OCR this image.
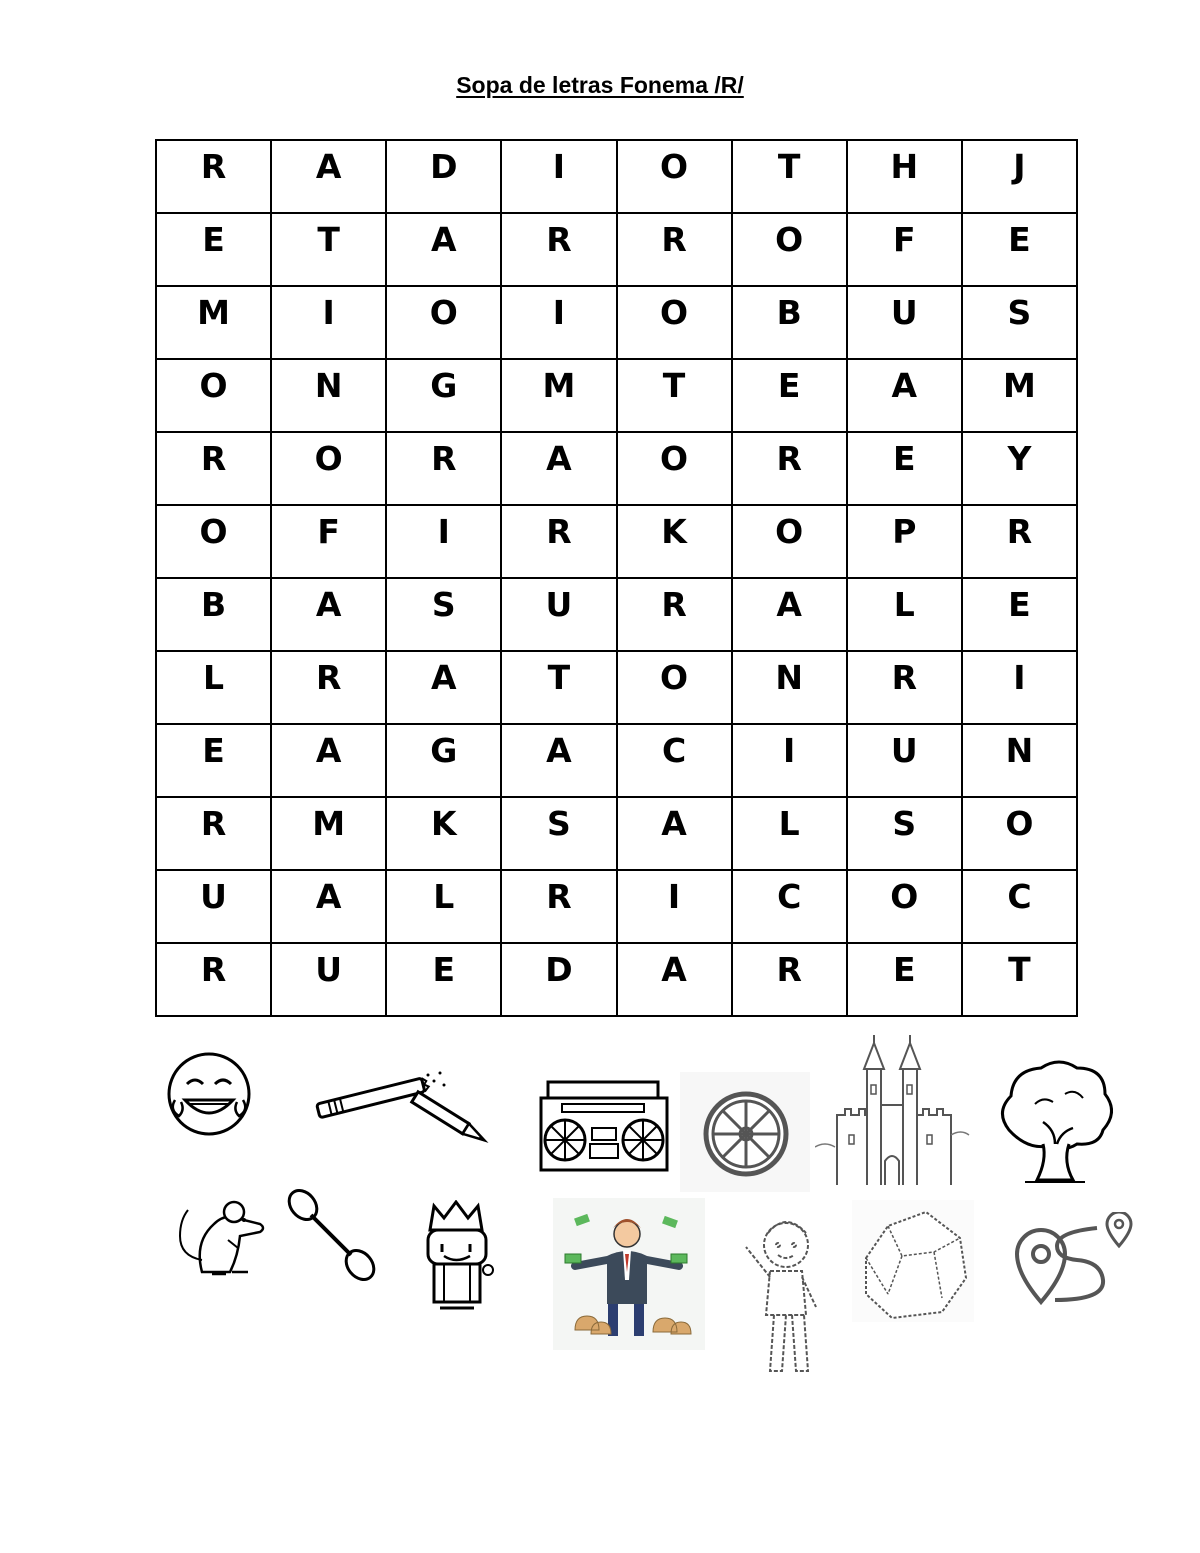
Sopa de letras Fonema /R/
R	A	D	I	O	T	H	J
E	T	A	R	R	O	F	E
M	I	O	I	O	B	U	S
O	N	G	M	T	E	A	M
R	O	R	A	O	R	E	Y
O	F	I	R	K	O	P	R
B	A	S	U	R	A	L	E
L	R	A	T	O	N	R	I
E	A	G	A	C	I	U	N
R	M	K	S	A	L	S	O
U	A	L	R	I	C	O	C
R	U	E	D	A	R	E	T
